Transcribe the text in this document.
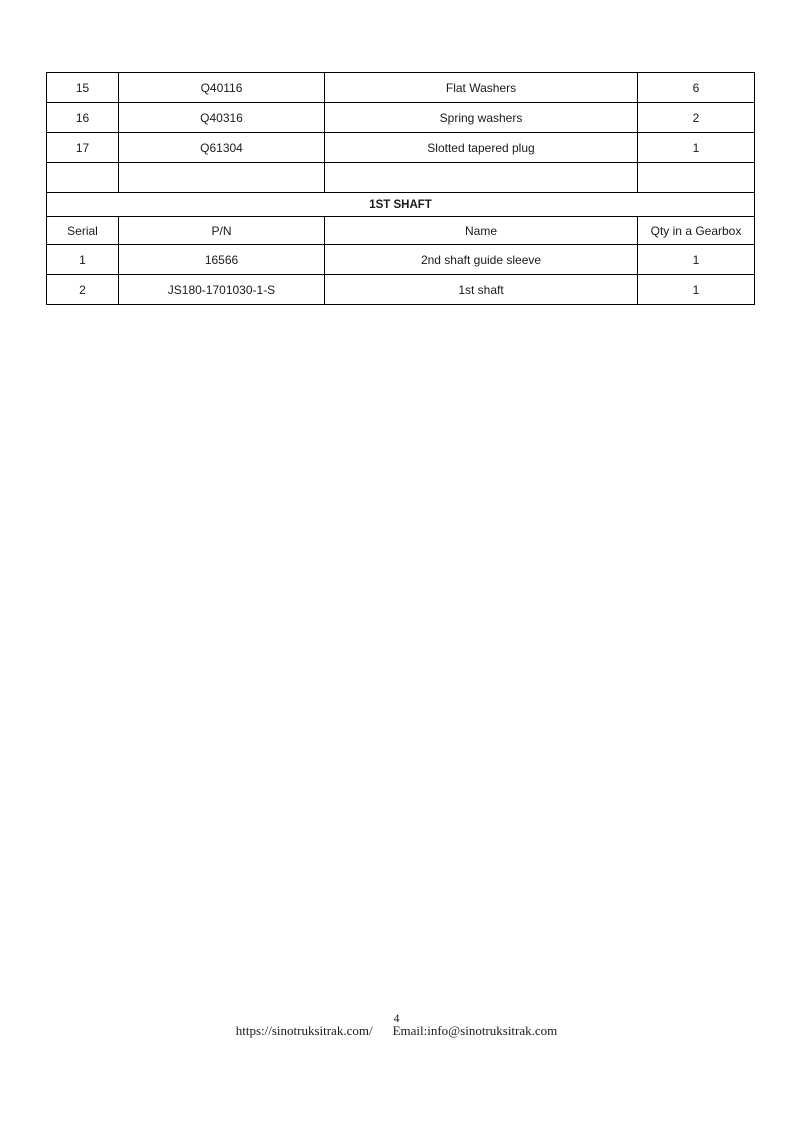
15	Q40116	Flat Washers	6
16	Q40316	Spring washers	2
17	Q61304	Slotted tapered plug	1

1ST SHAFT			
Serial	P/N	Name	Qty in a Gearbox
1	16566	2nd shaft guide sleeve	1
2	JS180-1701030-1-S	1st shaft	1
4
https://sinotruksitrak.com/ Email:info@sinotruksitrak.com
